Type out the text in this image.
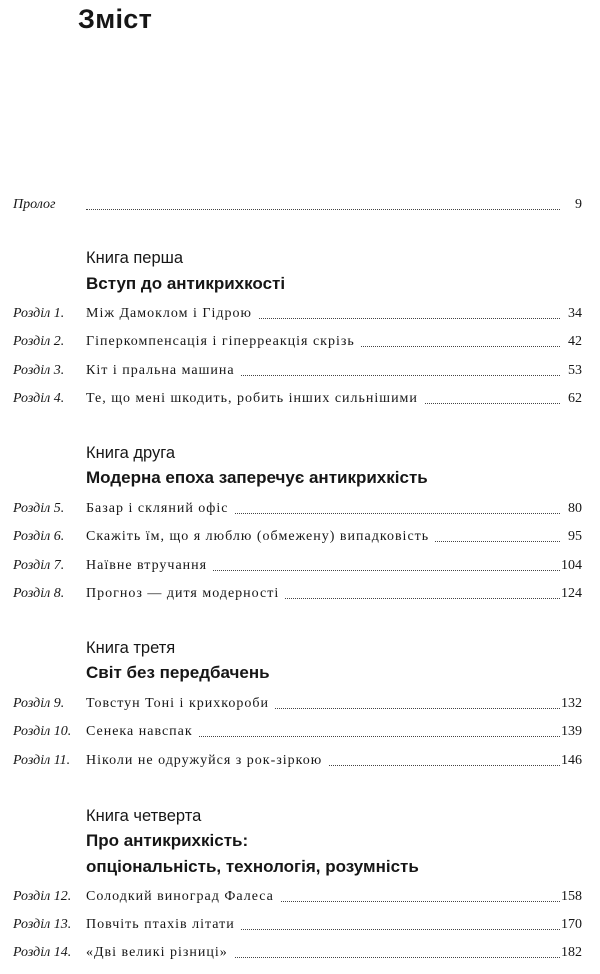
Зміст
Пролог	9
Книга перша
Вступ до антикрихкості
Розділ 1. Між Дамоклом і Гідрою	34
Розділ 2. Гіперкомпенсація і гіперреакція скрізь	42
Розділ 3. Кіт і пральна машина	53
Розділ 4. Те, що мені шкодить, робить інших сильнішими	62
Книга друга
Модерна епоха заперечує антикрихкість
Розділ 5. Базар і скляний офіс	80
Розділ 6. Скажіть їм, що я люблю (обмежену) випадковість	95
Розділ 7. Наївне втручання	104
Розділ 8. Прогноз — дитя модерності	124
Книга третя
Світ без передбачень
Розділ 9. Товстун Тоні і крихкороби	132
Розділ 10. Сенека навспак	139
Розділ 11. Ніколи не одружуйся з рок-зіркою	146
Книга четверта
Про антикрихкість:
опціональність, технологія, розумність
Розділ 12. Солодкий виноград Фалеса	158
Розділ 13. Повчіть птахів літати	170
Розділ 14. «Дві великі різниці»	182
